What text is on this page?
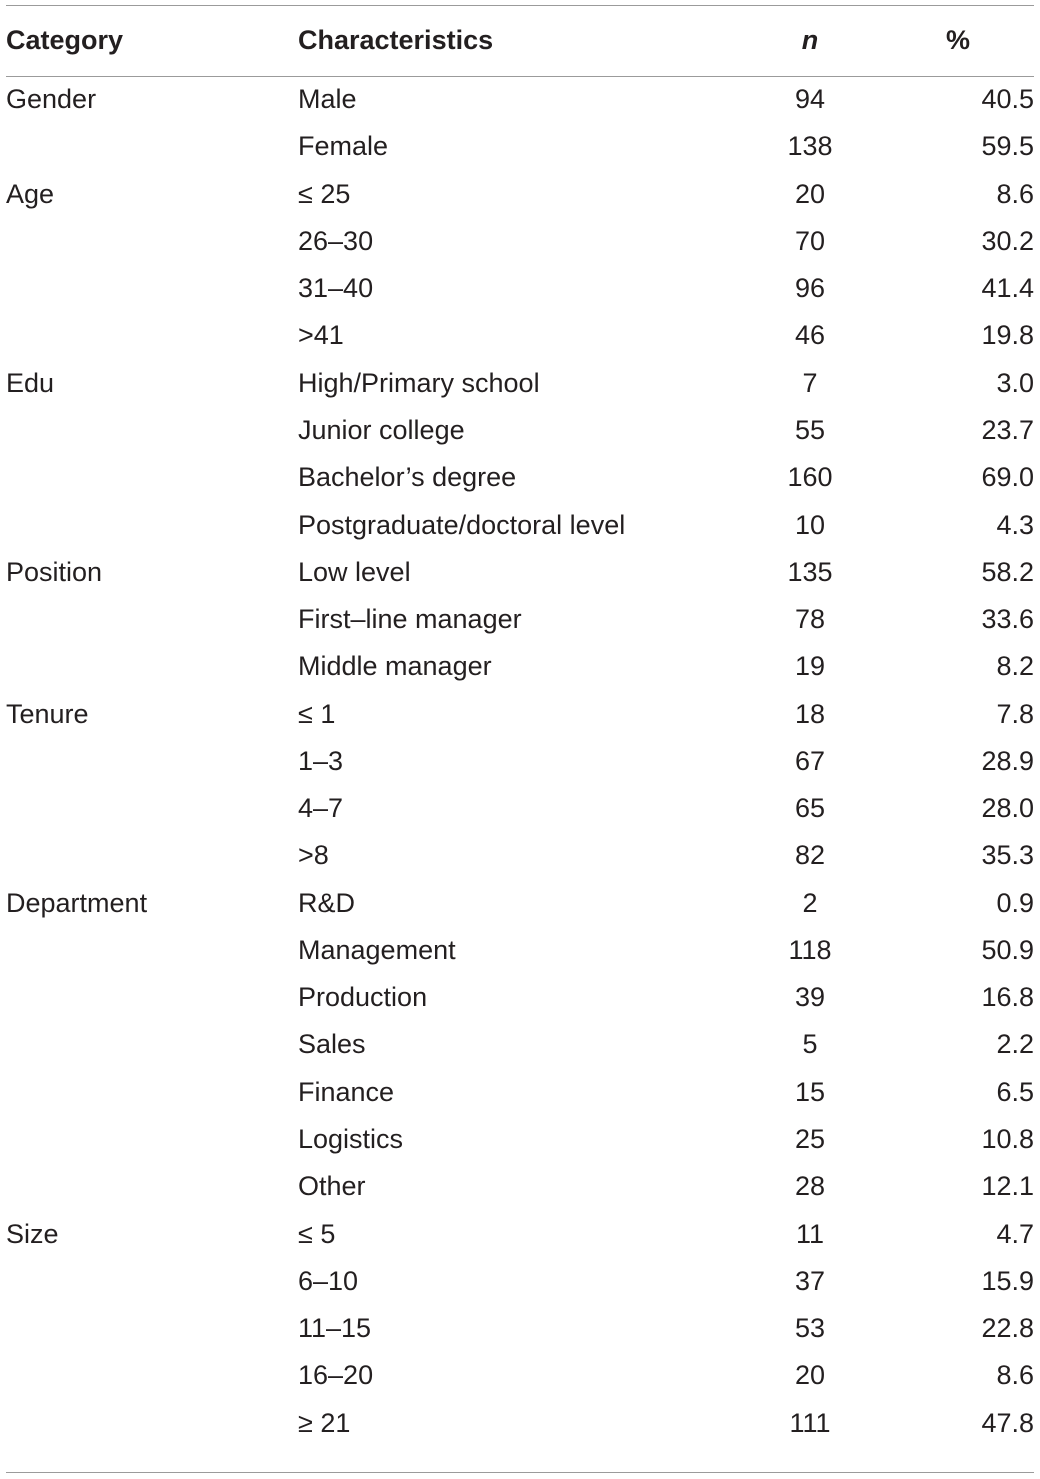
Category	Characteristics	n	%
Gender	Male	94	40.5
	Female	138	59.5
Age	≤ 25	20	8.6
	26–30	70	30.2
	31–40	96	41.4
	>41	46	19.8
Edu	High/Primary school	7	3.0
	Junior college	55	23.7
	Bachelor’s degree	160	69.0
	Postgraduate/doctoral level	10	4.3
Position	Low level	135	58.2
	First–line manager	78	33.6
	Middle manager	19	8.2
Tenure	≤ 1	18	7.8
	1–3	67	28.9
	4–7	65	28.0
	>8	82	35.3
Department	R&D	2	0.9
	Management	118	50.9
	Production	39	16.8
	Sales	5	2.2
	Finance	15	6.5
	Logistics	25	10.8
	Other	28	12.1
Size	≤ 5	11	4.7
	6–10	37	15.9
	11–15	53	22.8
	16–20	20	8.6
	≥ 21	111	47.8
